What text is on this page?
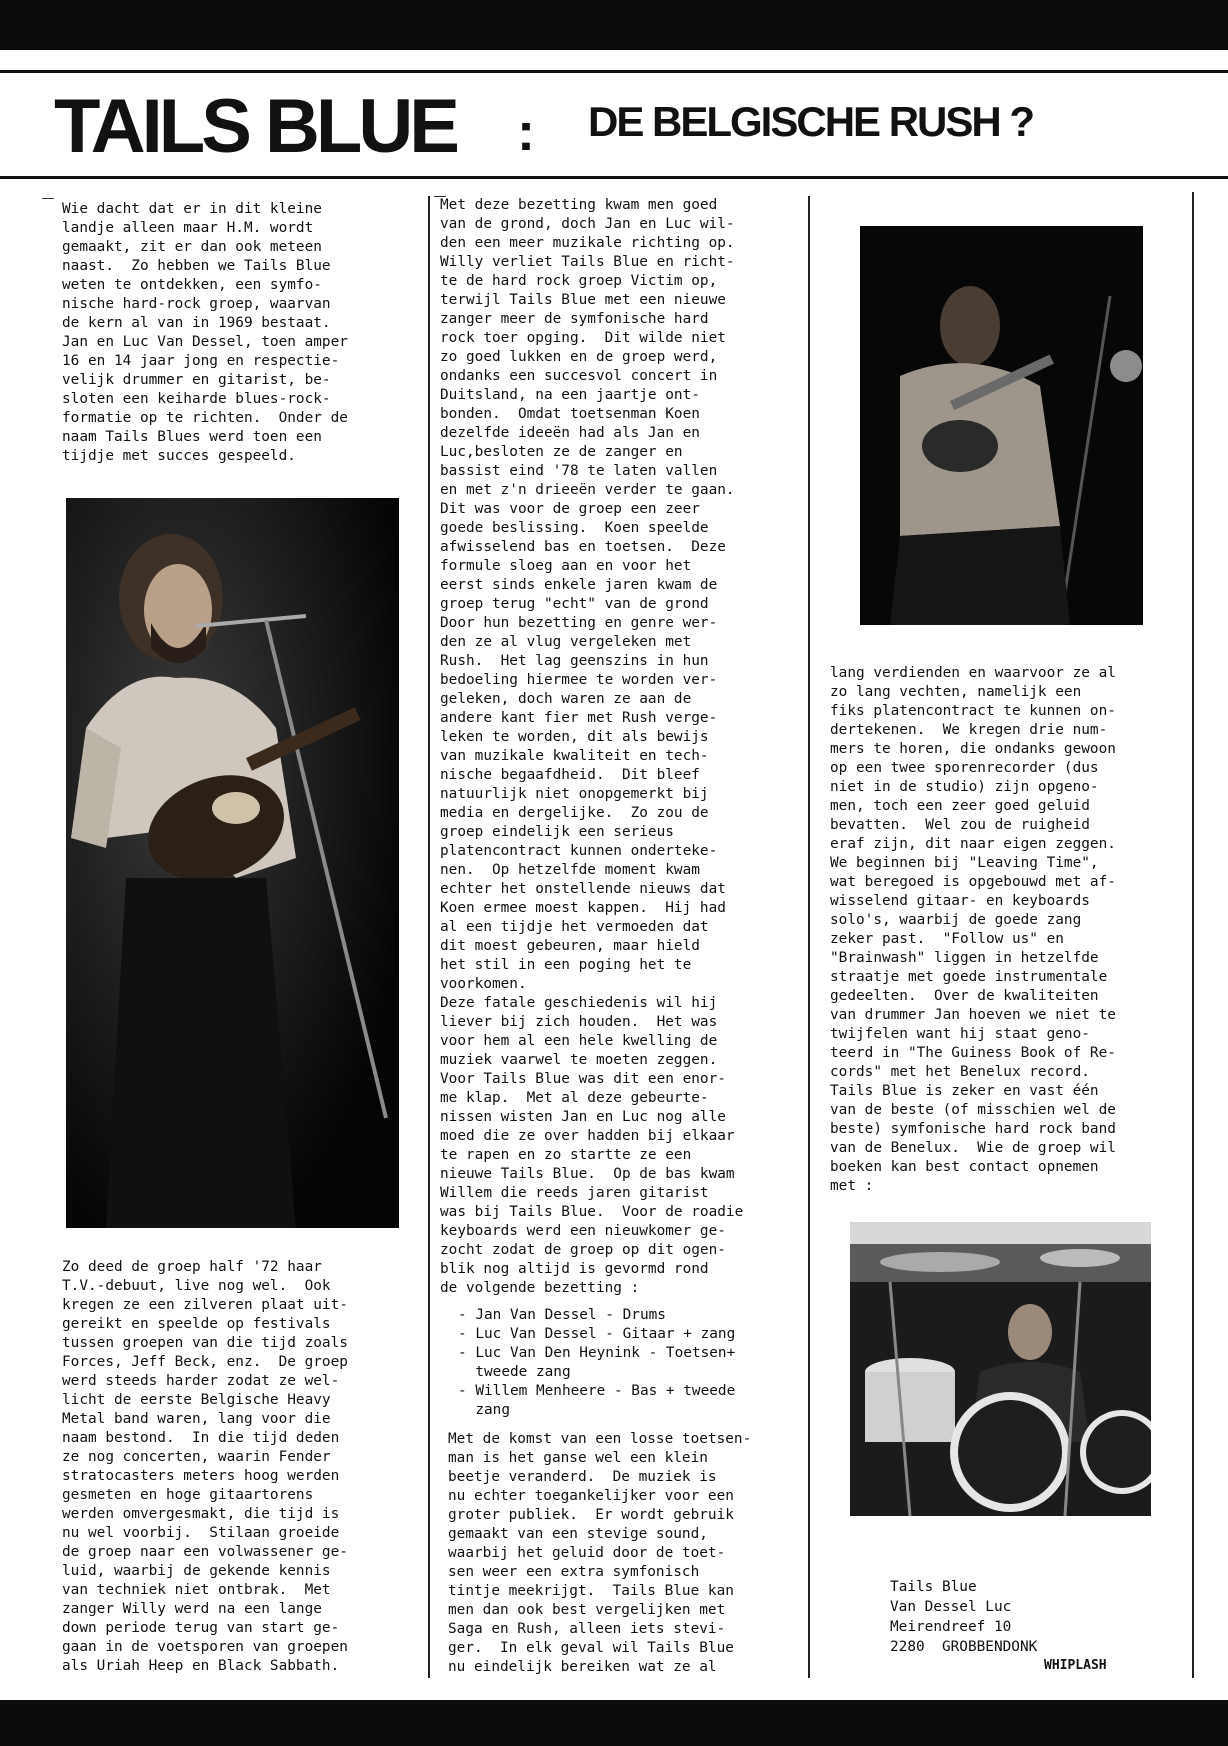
TAILS BLUE	: DE BELGISCHE RUSH ?
Wie dacht dat er in dit kleine
landje alleen maar H.M. wordt
gemaakt, zit er dan ook meteen
naast.  Zo hebben we Tails Blue
weten te ontdekken, een symfo-
nische hard-rock groep, waarvan
de kern al van in 1969 bestaat.
Jan en Luc Van Dessel, toen amper
16 en 14 jaar jong en respectie-
velijk drummer en gitarist, be-
sloten een keiharde blues-rock-
formatie op te richten.  Onder de
naam Tails Blues werd toen een
tijdje met succes gespeeld.
Zo deed de groep half '72 haar
T.V.-debuut, live nog wel.  Ook
kregen ze een zilveren plaat uit-
gereikt en speelde op festivals
tussen groepen van die tijd zoals
Forces, Jeff Beck, enz.  De groep
werd steeds harder zodat ze wel-
licht de eerste Belgische Heavy
Metal band waren, lang voor die
naam bestond.  In die tijd deden
ze nog concerten, waarin Fender
stratocasters meters hoog werden
gesmeten en hoge gitaartorens
werden omvergesmakt, die tijd is
nu wel voorbij.  Stilaan groeide
de groep naar een volwassener ge-
luid, waarbij de gekende kennis
van techniek niet ontbrak.  Met
zanger Willy werd na een lange
down periode terug van start ge-
gaan in de voetsporen van groepen
als Uriah Heep en Black Sabbath.
Met deze bezetting kwam men goed
van de grond, doch Jan en Luc wil-
den een meer muzikale richting op.
Willy verliet Tails Blue en richt-
te de hard rock groep Victim op,
terwijl Tails Blue met een nieuwe
zanger meer de symfonische hard
rock toer opging.  Dit wilde niet
zo goed lukken en de groep werd,
ondanks een succesvol concert in
Duitsland, na een jaartje ont-
bonden.  Omdat toetsenman Koen
dezelfde ideeën had als Jan en
Luc,besloten ze de zanger en
bassist eind '78 te laten vallen
en met z'n drieeën verder te gaan.
Dit was voor de groep een zeer
goede beslissing.  Koen speelde
afwisselend bas en toetsen.  Deze
formule sloeg aan en voor het
eerst sinds enkele jaren kwam de
groep terug "echt" van de grond
Door hun bezetting en genre wer-
den ze al vlug vergeleken met
Rush.  Het lag geenszins in hun
bedoeling hiermee te worden ver-
geleken, doch waren ze aan de
andere kant fier met Rush verge-
leken te worden, dit als bewijs
van muzikale kwaliteit en tech-
nische begaafdheid.  Dit bleef
natuurlijk niet onopgemerkt bij
media en dergelijke.  Zo zou de
groep eindelijk een serieus
platencontract kunnen onderteke-
nen.  Op hetzelfde moment kwam
echter het onstellende nieuws dat
Koen ermee moest kappen.  Hij had
al een tijdje het vermoeden dat
dit moest gebeuren, maar hield
het stil in een poging het te
voorkomen.
Deze fatale geschiedenis wil hij
liever bij zich houden.  Het was
voor hem al een hele kwelling de
muziek vaarwel te moeten zeggen.
Voor Tails Blue was dit een enor-
me klap.  Met al deze gebeurte-
nissen wisten Jan en Luc nog alle
moed die ze over hadden bij elkaar
te rapen en zo startte ze een
nieuwe Tails Blue.  Op de bas kwam
Willem die reeds jaren gitarist
was bij Tails Blue.  Voor de roadie
keyboards werd een nieuwkomer ge-
zocht zodat de groep op dit ogen-
blik nog altijd is gevormd rond
de volgende bezetting :
- Jan Van Dessel - Drums
- Luc Van Dessel - Gitaar + zang
- Luc Van Den Heynink - Toetsen+
tweede zang
- Willem Menheere - Bas + tweede
zang
Met de komst van een losse toetsen-
man is het ganse wel een klein
beetje veranderd.  De muziek is
nu echter toegankelijker voor een
groter publiek.  Er wordt gebruik
gemaakt van een stevige sound,
waarbij het geluid door de toet-
sen weer een extra symfonisch
tintje meekrijgt.  Tails Blue kan
men dan ook best vergelijken met
Saga en Rush, alleen iets stevi-
ger.  In elk geval wil Tails Blue
nu eindelijk bereiken wat ze al
lang verdienden en waarvoor ze al
zo lang vechten, namelijk een
fiks platencontract te kunnen on-
dertekenen.  We kregen drie num-
mers te horen, die ondanks gewoon
op een twee sporenrecorder (dus
niet in de studio) zijn opgeno-
men, toch een zeer goed geluid
bevatten.  Wel zou de ruigheid
eraf zijn, dit naar eigen zeggen.
We beginnen bij "Leaving Time",
wat beregoed is opgebouwd met af-
wisselend gitaar- en keyboards
solo's, waarbij de goede zang
zeker past.  "Follow us" en
"Brainwash" liggen in hetzelfde
straatje met goede instrumentale
gedeelten.  Over de kwaliteiten
van drummer Jan hoeven we niet te
twijfelen want hij staat geno-
teerd in "The Guiness Book of Re-
cords" met het Benelux record.
Tails Blue is zeker en vast één
van de beste (of misschien wel de
beste) symfonische hard rock band
van de Benelux.  Wie de groep wil
boeken kan best contact opnemen
met :
Tails Blue
Van Dessel Luc
Meirendreef 10
2280  GROBBENDONK
WHIPLASH
